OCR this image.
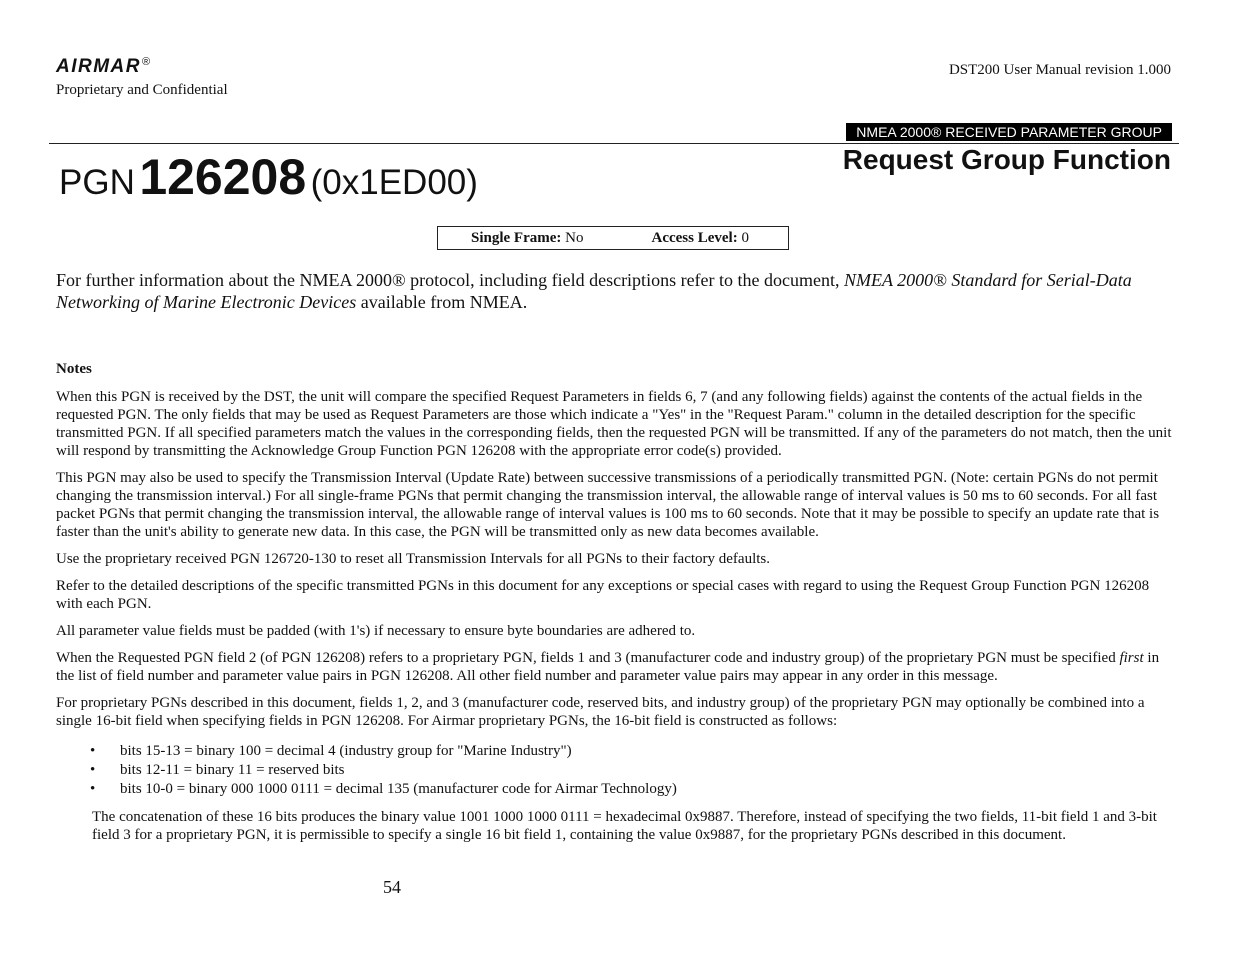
AIRMAR®
Proprietary and Confidential
DST200 User Manual revision 1.000
NMEA 2000® RECEIVED PARAMETER GROUP
Request Group Function
PGN 126208 (0x1ED00)
Single Frame: No	Access Level: 0
For further information about the NMEA 2000® protocol, including field descriptions refer to the document, NMEA 2000® Standard for Serial-Data
Networking of Marine Electronic Devices available from NMEA.
Notes

When this PGN is received by the DST, the unit will compare the specified Request Parameters in fields 6, 7 (and any following fields) against the contents of the actual fields in the requested PGN. The only fields that may be used as Request Parameters are those which indicate a "Yes" in the "Request Param." column in the detailed description for the specific transmitted PGN. If all specified parameters match the values in the corresponding fields, then the requested PGN will be transmitted. If any of the parameters do not match, then the unit will respond by transmitting the Acknowledge Group Function PGN 126208 with the appropriate error code(s) provided.

This PGN may also be used to specify the Transmission Interval (Update Rate) between successive transmissions of a periodically transmitted PGN. (Note: certain PGNs do not permit changing the transmission interval.) For all single-frame PGNs that permit changing the transmission interval, the allowable range of interval values is 50 ms to 60 seconds. For all fast packet PGNs that permit changing the transmission interval, the allowable range of interval values is 100 ms to 60 seconds. Note that it may be possible to specify an update rate that is faster than the unit's ability to generate new data. In this case, the PGN will be transmitted only as new data becomes available.

Use the proprietary received PGN 126720-130 to reset all Transmission Intervals for all PGNs to their factory defaults.

Refer to the detailed descriptions of the specific transmitted PGNs in this document for any exceptions or special cases with regard to using the Request Group Function PGN 126208 with each PGN.

All parameter value fields must be padded (with 1's) if necessary to ensure byte boundaries are adhered to.

When the Requested PGN field 2 (of PGN 126208) refers to a proprietary PGN, fields 1 and 3 (manufacturer code and industry group) of the proprietary PGN must be specified first in the list of field number and parameter value pairs in PGN 126208. All other field number and parameter value pairs may appear in any order in this message.

For proprietary PGNs described in this document, fields 1, 2, and 3 (manufacturer code, reserved bits, and industry group) of the proprietary PGN may optionally be combined into a single 16-bit field when specifying fields in PGN 126208. For Airmar proprietary PGNs, the 16-bit field is constructed as follows:

• bits 15-13 = binary 100 = decimal 4 (industry group for "Marine Industry")
• bits 12-11 = binary 11 = reserved bits
• bits 10-0 = binary 000 1000 0111 = decimal 135 (manufacturer code for Airmar Technology)

The concatenation of these 16 bits produces the binary value 1001 1000 1000 0111 = hexadecimal 0x9887. Therefore, instead of specifying the two fields, 11-bit field 1 and 3-bit field 3 for a proprietary PGN, it is permissible to specify a single 16 bit field 1, containing the value 0x9887, for the proprietary PGNs described in this document.

54
